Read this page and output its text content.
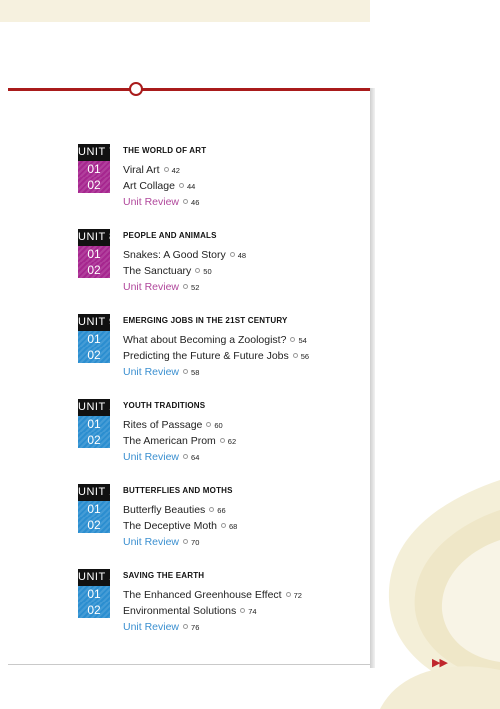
▶▶
UNIT 7
01
02
THE WORLD OF ART
Viral Art 42
Art Collage 44
Unit Review 46
UNIT 8
01
02
PEOPLE AND ANIMALS
Snakes: A Good Story 48
The Sanctuary 50
Unit Review 52
UNIT 9
01
02
EMERGING JOBS IN THE 21ST CENTURY
What about Becoming a Zoologist? 54
Predicting the Future & Future Jobs 56
Unit Review 58
UNIT 10
01
02
YOUTH TRADITIONS
Rites of Passage 60
The American Prom 62
Unit Review 64
UNIT 11
01
02
BUTTERFLIES AND MOTHS
Butterfly Beauties 66
The Deceptive Moth 68
Unit Review 70
UNIT 12
01
02
SAVING THE EARTH
The Enhanced Greenhouse Effect 72
Environmental Solutions 74
Unit Review 76
